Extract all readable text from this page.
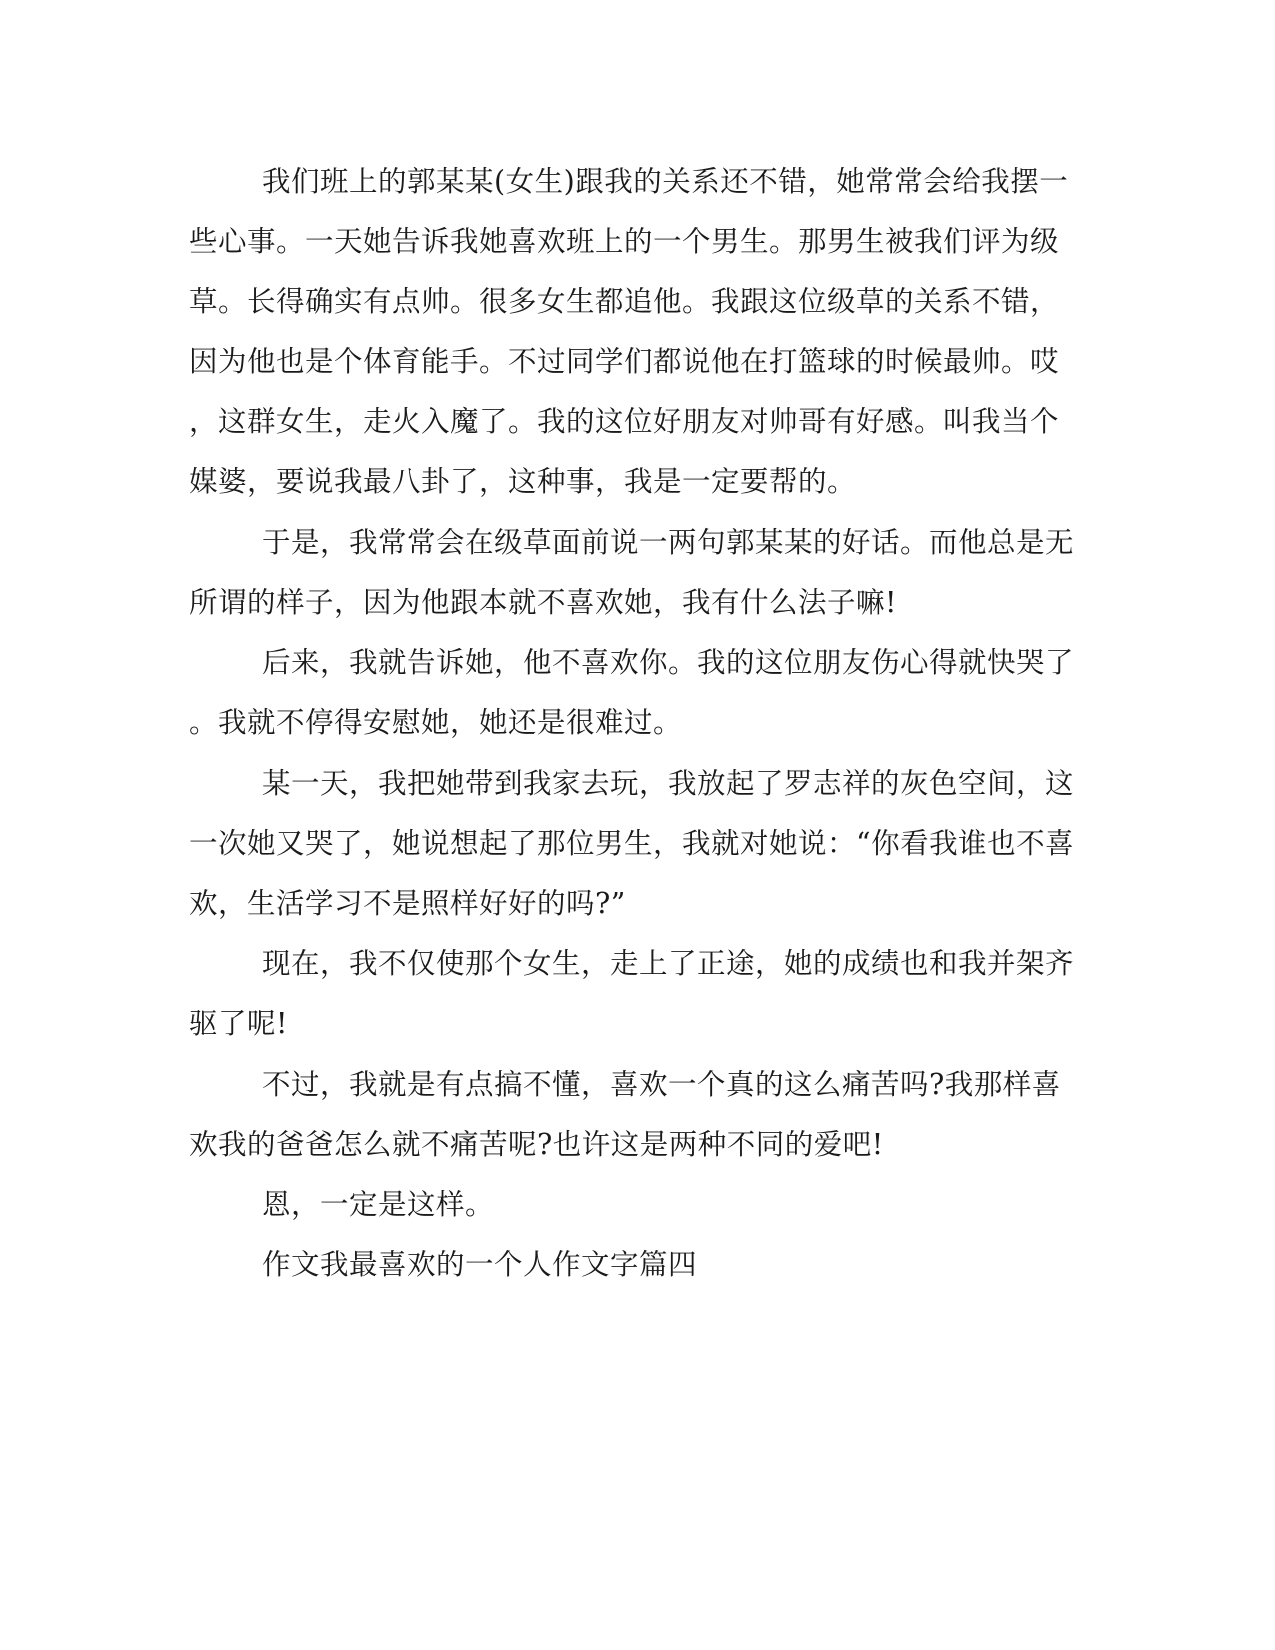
我们班上的郭某某(女生)跟我的关系还不错，她常常会给我摆一

些心事。一天她告诉我她喜欢班上的一个男生。那男生被我们评为级

草。长得确实有点帅。很多女生都追他。我跟这位级草的关系不错，

因为他也是个体育能手。不过同学们都说他在打篮球的时候最帅。哎

，这群女生，走火入魔了。我的这位好朋友对帅哥有好感。叫我当个

媒婆，要说我最八卦了，这种事，我是一定要帮的。

于是，我常常会在级草面前说一两句郭某某的好话。而他总是无

所谓的样子，因为他跟本就不喜欢她，我有什么法子嘛!

后来，我就告诉她，他不喜欢你。我的这位朋友伤心得就快哭了

。我就不停得安慰她，她还是很难过。

某一天，我把她带到我家去玩，我放起了罗志祥的灰色空间，这

一次她又哭了，她说想起了那位男生，我就对她说：“你看我谁也不喜

欢，生活学习不是照样好好的吗?”

现在，我不仅使那个女生，走上了正途，她的成绩也和我并架齐

驱了呢!

不过，我就是有点搞不懂，喜欢一个真的这么痛苦吗?我那样喜

欢我的爸爸怎么就不痛苦呢?也许这是两种不同的爱吧!

恩，一定是这样。

作文我最喜欢的一个人作文字篇四
